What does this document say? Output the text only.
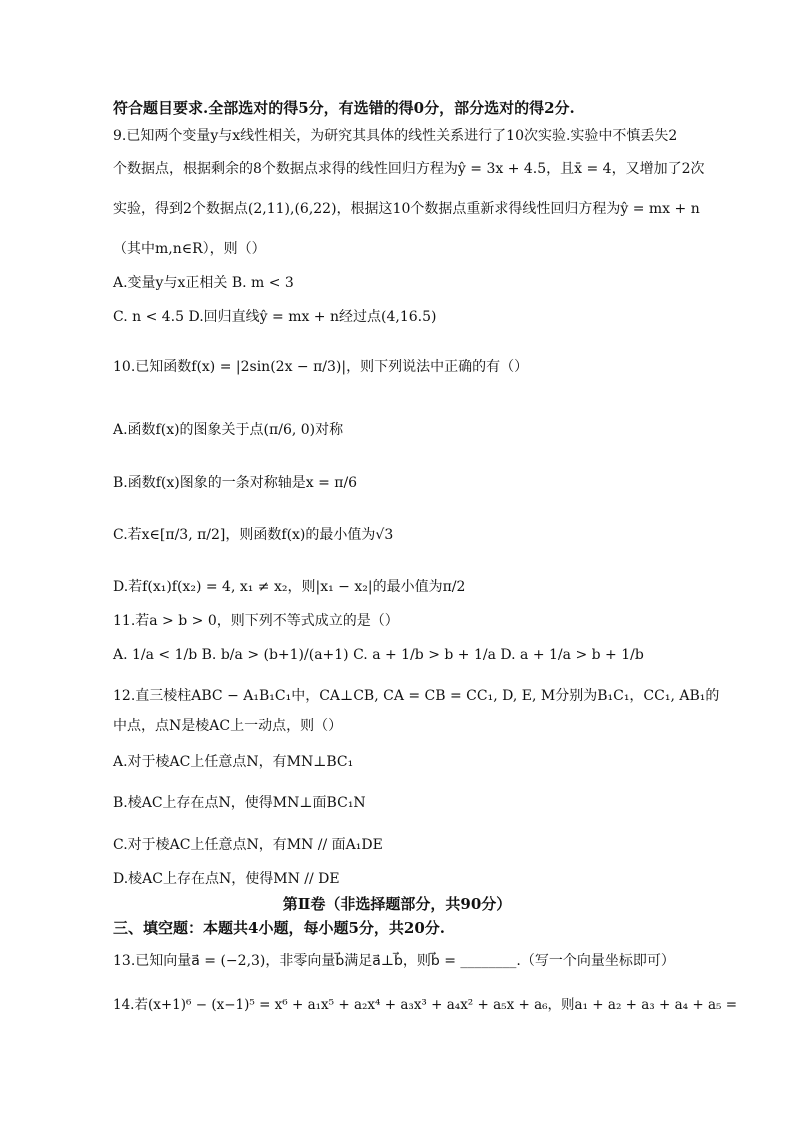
符合题目要求.全部选对的得5分，有选错的得0分，部分选对的得2分.
9.已知两个变量y与x线性相关，为研究其具体的线性关系进行了10次实验.实验中不慎丢失2
个数据点，根据剩余的8个数据点求得的线性回归方程为ŷ = 3x + 4.5，且x̄ = 4，又增加了2次
实验，得到2个数据点(2,11),(6,22)，根据这10个数据点重新求得线性回归方程为ŷ = mx + n
（其中m,n∈R），则（）
A.变量y与x正相关 B. m < 3
C. n < 4.5 D.回归直线ŷ = mx + n经过点(4,16.5)
10.已知函数f(x) = |2sin(2x − π/3)|，则下列说法中正确的有（）
A.函数f(x)的图象关于点(π/6, 0)对称
B.函数f(x)图象的一条对称轴是x = π/6
C.若x∈[π/3, π/2]，则函数f(x)的最小值为√3
D.若f(x₁)f(x₂) = 4, x₁ ≠ x₂，则|x₁ − x₂|的最小值为π/2
11.若a > b > 0，则下列不等式成立的是（）
A. 1/a < 1/b B. b/a > (b+1)/(a+1) C. a + 1/b > b + 1/a D. a + 1/a > b + 1/b
12.直三棱柱ABC − A₁B₁C₁中，CA⊥CB, CA = CB = CC₁, D, E, M分别为B₁C₁，CC₁, AB₁的
中点，点N是棱AC上一动点，则（）
A.对于棱AC上任意点N，有MN⊥BC₁
B.棱AC上存在点N，使得MN⊥面BC₁N
C.对于棱AC上任意点N，有MN // 面A₁DE
D.棱AC上存在点N，使得MN // DE
第Ⅱ卷（非选择题部分，共90分）
三、填空题：本题共4小题，每小题5分，共20分.
13.已知向量a⃗ = (−2,3)，非零向量b⃗满足a⃗⊥b⃗，则b⃗ = ________.（写一个向量坐标即可）
14.若(x+1)⁶ − (x−1)⁵ = x⁶ + a₁x⁵ + a₂x⁴ + a₃x³ + a₄x² + a₅x + a₆，则a₁ + a₂ + a₃ + a₄ + a₅ =
